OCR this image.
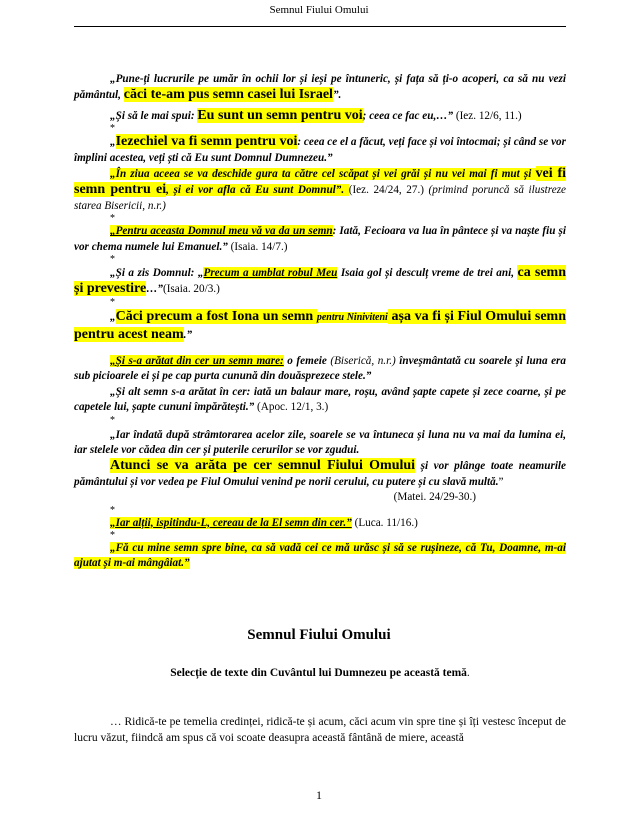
Semnul Fiului Omului

„Pune-ți lucrurile pe umăr în ochii lor și ieși pe întuneric, și fața să ți-o acoperi, ca să nu vezi pământul, căci te-am pus semn casei lui Israel”.

„Și să le mai spui: Eu sunt un semn pentru voi; ceea ce fac eu,…” (Iez. 12/6, 11.)

*

„Iezechiel va fi semn pentru voi: ceea ce el a făcut, veți face și voi întocmai; și când se vor împlini acestea, veți ști că Eu sunt Domnul Dumnezeu.”

„În ziua aceea se va deschide gura ta către cel scăpat și vei grăi și nu vei mai fi mut și vei fi semn pentru ei, și ei vor afla că Eu sunt Domnul”. (Iez. 24/24, 27.) (primind poruncă să ilustreze starea Bisericii, n.r.)

*

„Pentru aceasta Domnul meu vă va da un semn: Iată, Fecioara va lua în pântece și va naște fiu și vor chema numele lui Emanuel.” (Isaia. 14/7.)

*

„Și a zis Domnul: „Precum a umblat robul Meu Isaia gol și desculț vreme de trei ani, ca semn și prevestire…”(Isaia. 20/3.)

*

„Căci precum a fost Iona un semn pentru Niniviteni așa va fi și Fiul Omului semn pentru acest neam.”

„Și s-a arătat din cer un semn mare: o femeie (Biserică, n.r.) înveșmântată cu soarele și luna era sub picioarele ei și pe cap purta cunună din douăsprezece stele.”

„Și alt semn s-a arătat în cer: iată un balaur mare, roșu, având șapte capete și zece coarne, și pe capetele lui, șapte cununi împărătești.” (Apoc. 12/1, 3.)

*

„Iar îndată după strâmtorarea acelor zile, soarele se va întuneca și luna nu va mai da lumina ei, iar stelele vor cădea din cer și puterile cerurilor se vor zgudui.

Atunci se va arăta pe cer semnul Fiului Omului și vor plânge toate neamurile pământului și vor vedea pe Fiul Omului venind pe norii cerului, cu putere și cu slavă multă.”

(Matei. 24/29-30.)

*

„Iar alții, ispitindu-L, cereau de la El semn din cer.” (Luca. 11/16.)

*

„Fă cu mine semn spre bine, ca să vadă cei ce mă urăsc și să se rușineze, că Tu, Doamne, m-ai ajutat și m-ai mângâiat.”

Semnul Fiului Omului
Selecție de texte din Cuvântul lui Dumnezeu pe această temă.
… Ridică-te pe temelia credinței, ridică-te și acum, căci acum vin spre tine și îți vestesc început de lucru văzut, fiindcă am spus că voi scoate deasupra această fântână de miere, această
1
